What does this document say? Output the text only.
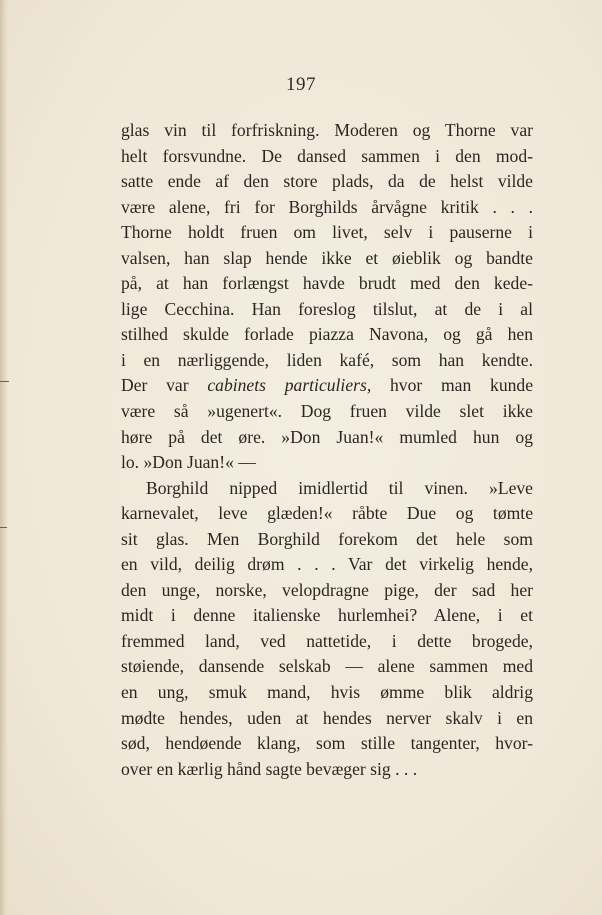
197
glas vin til forfriskning. Moderen og Thorne var
helt forsvundne. De dansed sammen i den mod-
satte ende af den store plads, da de helst vilde
være alene, fri for Borghilds årvågne kritik . . .
Thorne holdt fruen om livet, selv i pauserne i
valsen, han slap hende ikke et øieblik og bandte
på, at han forlængst havde brudt med den kede-
lige Cecchina. Han foreslog tilslut, at de i al
stilhed skulde forlade piazza Navona, og gå hen
i en nærliggende, liden kafé, som han kendte.
Der var cabinets particuliers, hvor man kunde
være så »ugenert«. Dog fruen vilde slet ikke
høre på det øre. »Don Juan!« mumled hun og
lo. »Don Juan!« —
Borghild nipped imidlertid til vinen. »Leve
karnevalet, leve glæden!« råbte Due og tømte
sit glas. Men Borghild forekom det hele som
en vild, deilig drøm . . . Var det virkelig hende,
den unge, norske, velopdragne pige, der sad her
midt i denne italienske hurlemhei? Alene, i et
fremmed land, ved nattetide, i dette brogede,
støiende, dansende selskab — alene sammen med
en ung, smuk mand, hvis ømme blik aldrig
mødte hendes, uden at hendes nerver skalv i en
sød, hendøende klang, som stille tangenter, hvor-
over en kærlig hånd sagte bevæger sig . . .
